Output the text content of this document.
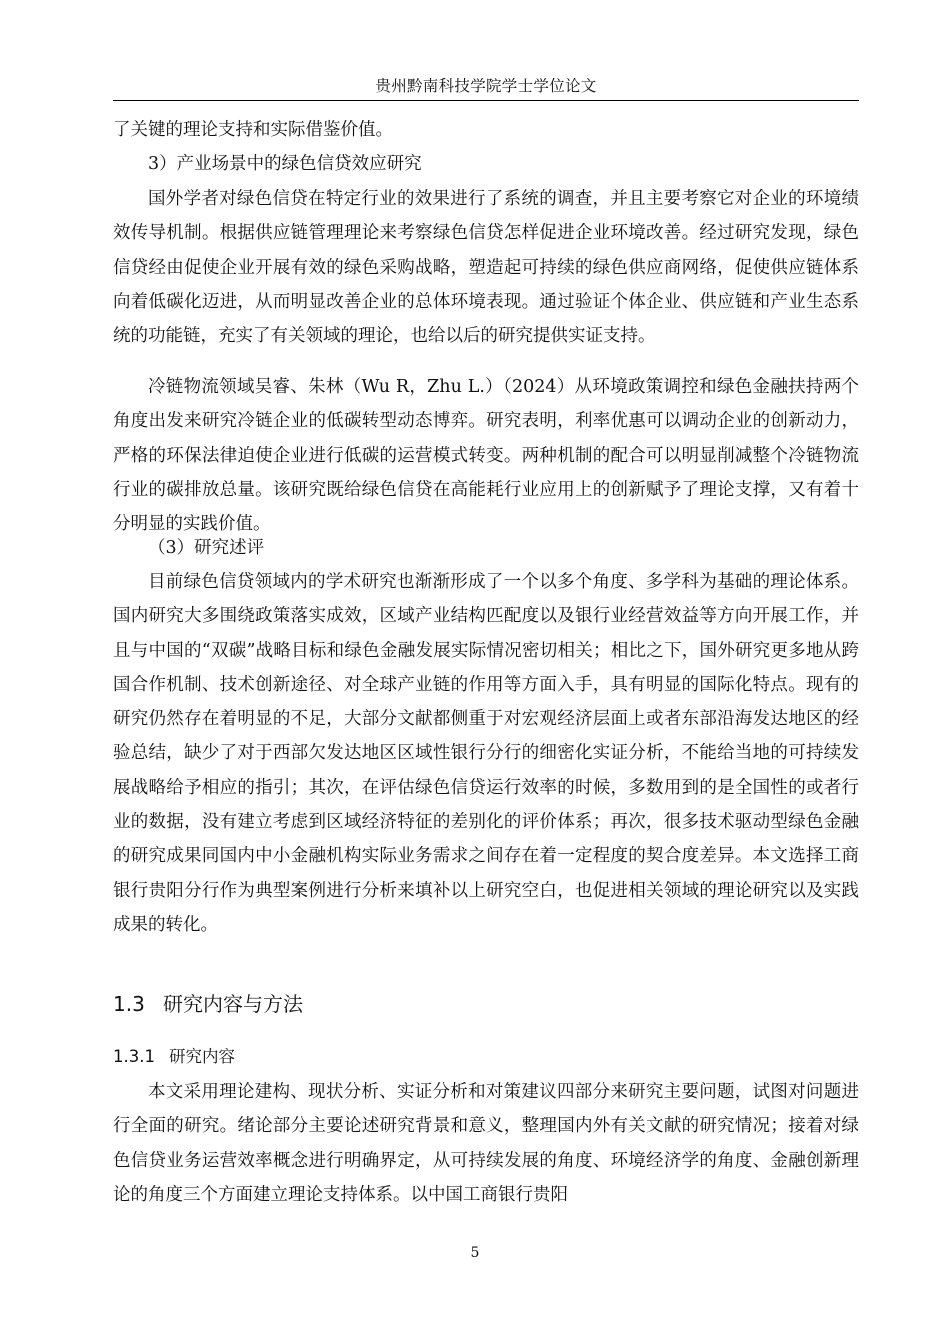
贵州黔南科技学院学士学位论文

了关键的理论支持和实际借鉴价值。

3）产业场景中的绿色信贷效应研究

国外学者对绿色信贷在特定行业的效果进行了系统的调查，并且主要考察它对企业的环境绩效传导机制。根据供应链管理理论来考察绿色信贷怎样促进企业环境改善。经过研究发现，绿色信贷经由促使企业开展有效的绿色采购战略，塑造起可持续的绿色供应商网络，促使供应链体系向着低碳化迈进，从而明显改善企业的总体环境表现。通过验证个体企业、供应链和产业生态系统的功能链，充实了有关领域的理论，也给以后的研究提供实证支持。

冷链物流领域吴睿、朱林（Wu R，Zhu L.）（2024）从环境政策调控和绿色金融扶持两个角度出发来研究冷链企业的低碳转型动态博弈。研究表明，利率优惠可以调动企业的创新动力，严格的环保法律迫使企业进行低碳的运营模式转变。两种机制的配合可以明显削减整个冷链物流行业的碳排放总量。该研究既给绿色信贷在高能耗行业应用上的创新赋予了理论支撑，又有着十分明显的实践价值。

（3）研究述评

目前绿色信贷领域内的学术研究也渐渐形成了一个以多个角度、多学科为基础的理论体系。国内研究大多围绕政策落实成效，区域产业结构匹配度以及银行业经营效益等方向开展工作，并且与中国的“双碳”战略目标和绿色金融发展实际情况密切相关；相比之下，国外研究更多地从跨国合作机制、技术创新途径、对全球产业链的作用等方面入手，具有明显的国际化特点。现有的研究仍然存在着明显的不足，大部分文献都侧重于对宏观经济层面上或者东部沿海发达地区的经验总结，缺少了对于西部欠发达地区区域性银行分行的细密化实证分析，不能给当地的可持续发展战略给予相应的指引；其次，在评估绿色信贷运行效率的时候，多数用到的是全国性的或者行业的数据，没有建立考虑到区域经济特征的差别化的评价体系；再次，很多技术驱动型绿色金融的研究成果同国内中小金融机构实际业务需求之间存在着一定程度的契合度差异。本文选择工商银行贵阳分行作为典型案例进行分析来填补以上研究空白，也促进相关领域的理论研究以及实践成果的转化。

1.3 研究内容与方法
1.3.1 研究内容

本文采用理论建构、现状分析、实证分析和对策建议四部分来研究主要问题，试图对问题进行全面的研究。绪论部分主要论述研究背景和意义，整理国内外有关文献的研究情况；接着对绿色信贷业务运营效率概念进行明确界定，从可持续发展的角度、环境经济学的角度、金融创新理论的角度三个方面建立理论支持体系。以中国工商银行贵阳

5
